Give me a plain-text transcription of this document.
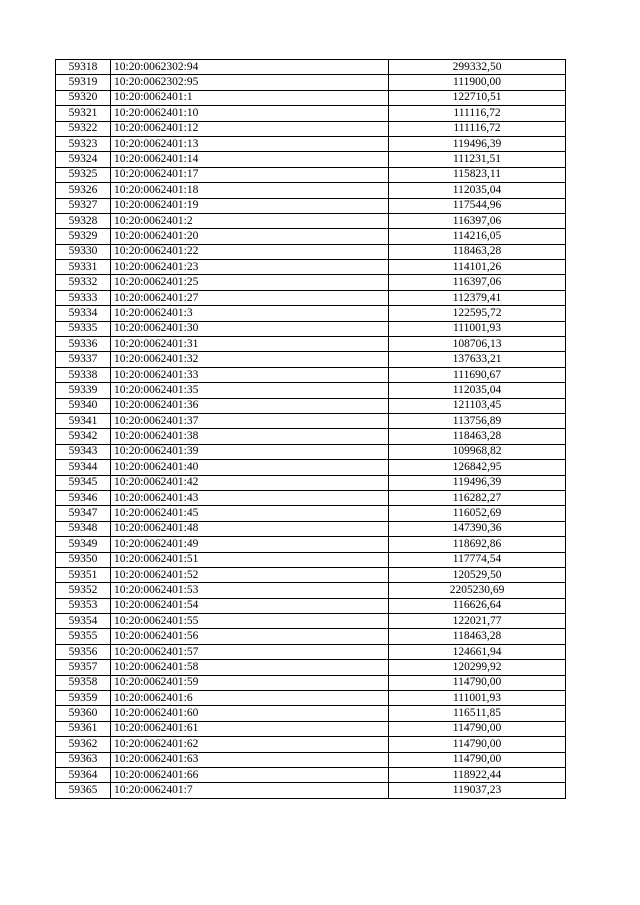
59318	10:20:0062302:94	299332,50
59319	10:20:0062302:95	111900,00
59320	10:20:0062401:1	122710,51
59321	10:20:0062401:10	111116,72
59322	10:20:0062401:12	111116,72
59323	10:20:0062401:13	119496,39
59324	10:20:0062401:14	111231,51
59325	10:20:0062401:17	115823,11
59326	10:20:0062401:18	112035,04
59327	10:20:0062401:19	117544,96
59328	10:20:0062401:2	116397,06
59329	10:20:0062401:20	114216,05
59330	10:20:0062401:22	118463,28
59331	10:20:0062401:23	114101,26
59332	10:20:0062401:25	116397,06
59333	10:20:0062401:27	112379,41
59334	10:20:0062401:3	122595,72
59335	10:20:0062401:30	111001,93
59336	10:20:0062401:31	108706,13
59337	10:20:0062401:32	137633,21
59338	10:20:0062401:33	111690,67
59339	10:20:0062401:35	112035,04
59340	10:20:0062401:36	121103,45
59341	10:20:0062401:37	113756,89
59342	10:20:0062401:38	118463,28
59343	10:20:0062401:39	109968,82
59344	10:20:0062401:40	126842,95
59345	10:20:0062401:42	119496,39
59346	10:20:0062401:43	116282,27
59347	10:20:0062401:45	116052,69
59348	10:20:0062401:48	147390,36
59349	10:20:0062401:49	118692,86
59350	10:20:0062401:51	117774,54
59351	10:20:0062401:52	120529,50
59352	10:20:0062401:53	2205230,69
59353	10:20:0062401:54	116626,64
59354	10:20:0062401:55	122021,77
59355	10:20:0062401:56	118463,28
59356	10:20:0062401:57	124661,94
59357	10:20:0062401:58	120299,92
59358	10:20:0062401:59	114790,00
59359	10:20:0062401:6	111001,93
59360	10:20:0062401:60	116511,85
59361	10:20:0062401:61	114790,00
59362	10:20:0062401:62	114790,00
59363	10:20:0062401:63	114790,00
59364	10:20:0062401:66	118922,44
59365	10:20:0062401:7	119037,23
